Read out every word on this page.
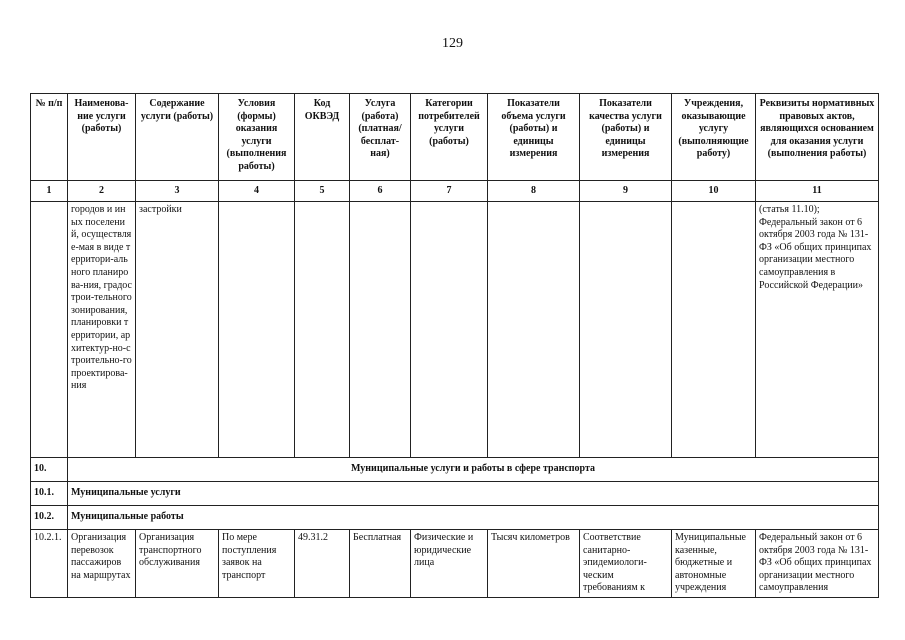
129
№ п/п	Наименова-ние услуги (работы)	Содержание услуги (работы)	Условия (формы) оказания услуги (выполнения работы)	Код ОКВЭД	Услуга (работа) (платная/ бесплат-ная)	Категории потребителей услуги (работы)	Показатели объема услуги (работы) и единицы измерения	Показатели качества услуги (работы) и единицы измерения	Учреждения, оказывающие услугу (выполняющие работу)	Реквизиты нормативных правовых актов, являющихся основанием для оказания услуги (выполнения работы)
1	2	3	4	5	6	7	8	9	10	11
	городов и иных поселений, осуществляе-мая в виде территори-ального планирова-ния, градострои-тельного зонирования, планировки территории, архитектур-но-строительно-го проектирова-ния	застройки								(статья 11.10); Федеральный закон от 6 октября 2003 года № 131-ФЗ «Об общих принципах организации местного самоуправления в Российской Федерации»
10.	Муниципальные услуги и работы в сфере транспорта									
10.1.	Муниципальные услуги									
10.2.	Муниципальные работы									
10.2.1.	Организация перевозок пассажиров на маршрутах	Организация транспортного обслуживания	По мере поступления заявок на транспорт	49.31.2	Бесплатная	Физические и юридические лица	Тысяч километров	Соответствие санитарно-эпидемиологи-ческим требованиям к	Муниципальные казенные, бюджетные и автономные учреждения	Федеральный закон от 6 октября 2003 года № 131-ФЗ «Об общих принципах организации местного самоуправления
